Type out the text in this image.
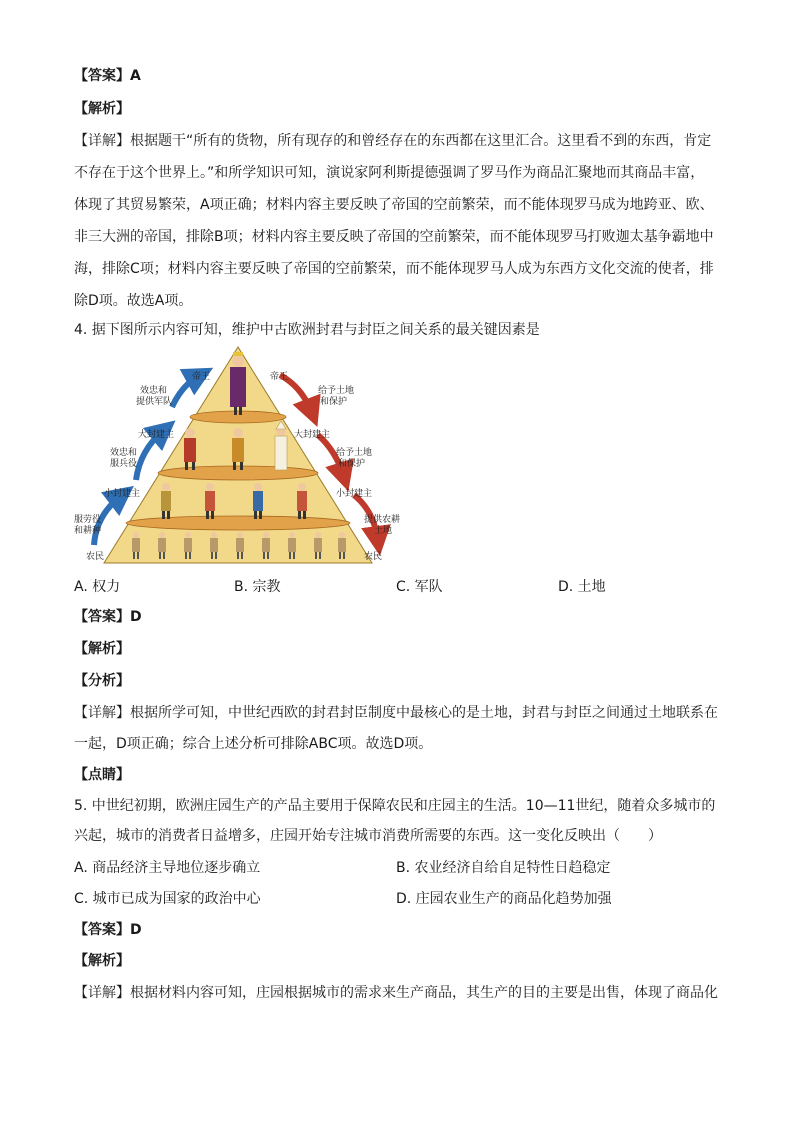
【答案】A
【解析】
【详解】根据题干“所有的货物，所有现存的和曾经存在的东西都在这里汇合。这里看不到的东西，肯定
不存在于这个世界上。”和所学知识可知，演说家阿利斯提德强调了罗马作为商品汇聚地而其商品丰富，
体现了其贸易繁荣，A项正确；材料内容主要反映了帝国的空前繁荣，而不能体现罗马成为地跨亚、欧、
非三大洲的帝国，排除B项；材料内容主要反映了帝国的空前繁荣，而不能体现罗马打败迦太基争霸地中
海，排除C项；材料内容主要反映了帝国的空前繁荣，而不能体现罗马人成为东西方文化交流的使者，排
除D项。故选A项。
4. 据下图所示内容可知，维护中古欧洲封君与封臣之间关系的最关键因素是
帝王
效忠和
提供军队
大封建主
效忠和
服兵役
小封建主
服劳役
和耕种
农民
帝王
给予土地
和保护
大封建主
给予土地
和保护
小封建主
提供农耕
土地
农民
A. 权力	B. 宗教	C. 军队	D. 土地
【答案】D
【解析】
【分析】
【详解】根据所学可知，中世纪西欧的封君封臣制度中最核心的是土地，封君与封臣之间通过土地联系在
一起，D项正确；综合上述分析可排除ABC项。故选D项。
【点睛】
5. 中世纪初期，欧洲庄园生产的产品主要用于保障农民和庄园主的生活。10—11世纪，随着众多城市的
兴起，城市的消费者日益增多，庄园开始专注城市消费所需要的东西。这一变化反映出（　　）
A. 商品经济主导地位逐步确立	B. 农业经济自给自足特性日趋稳定
C. 城市已成为国家的政治中心	D. 庄园农业生产的商品化趋势加强
【答案】D
【解析】
【详解】根据材料内容可知，庄园根据城市的需求来生产商品，其生产的目的主要是出售，体现了商品化
